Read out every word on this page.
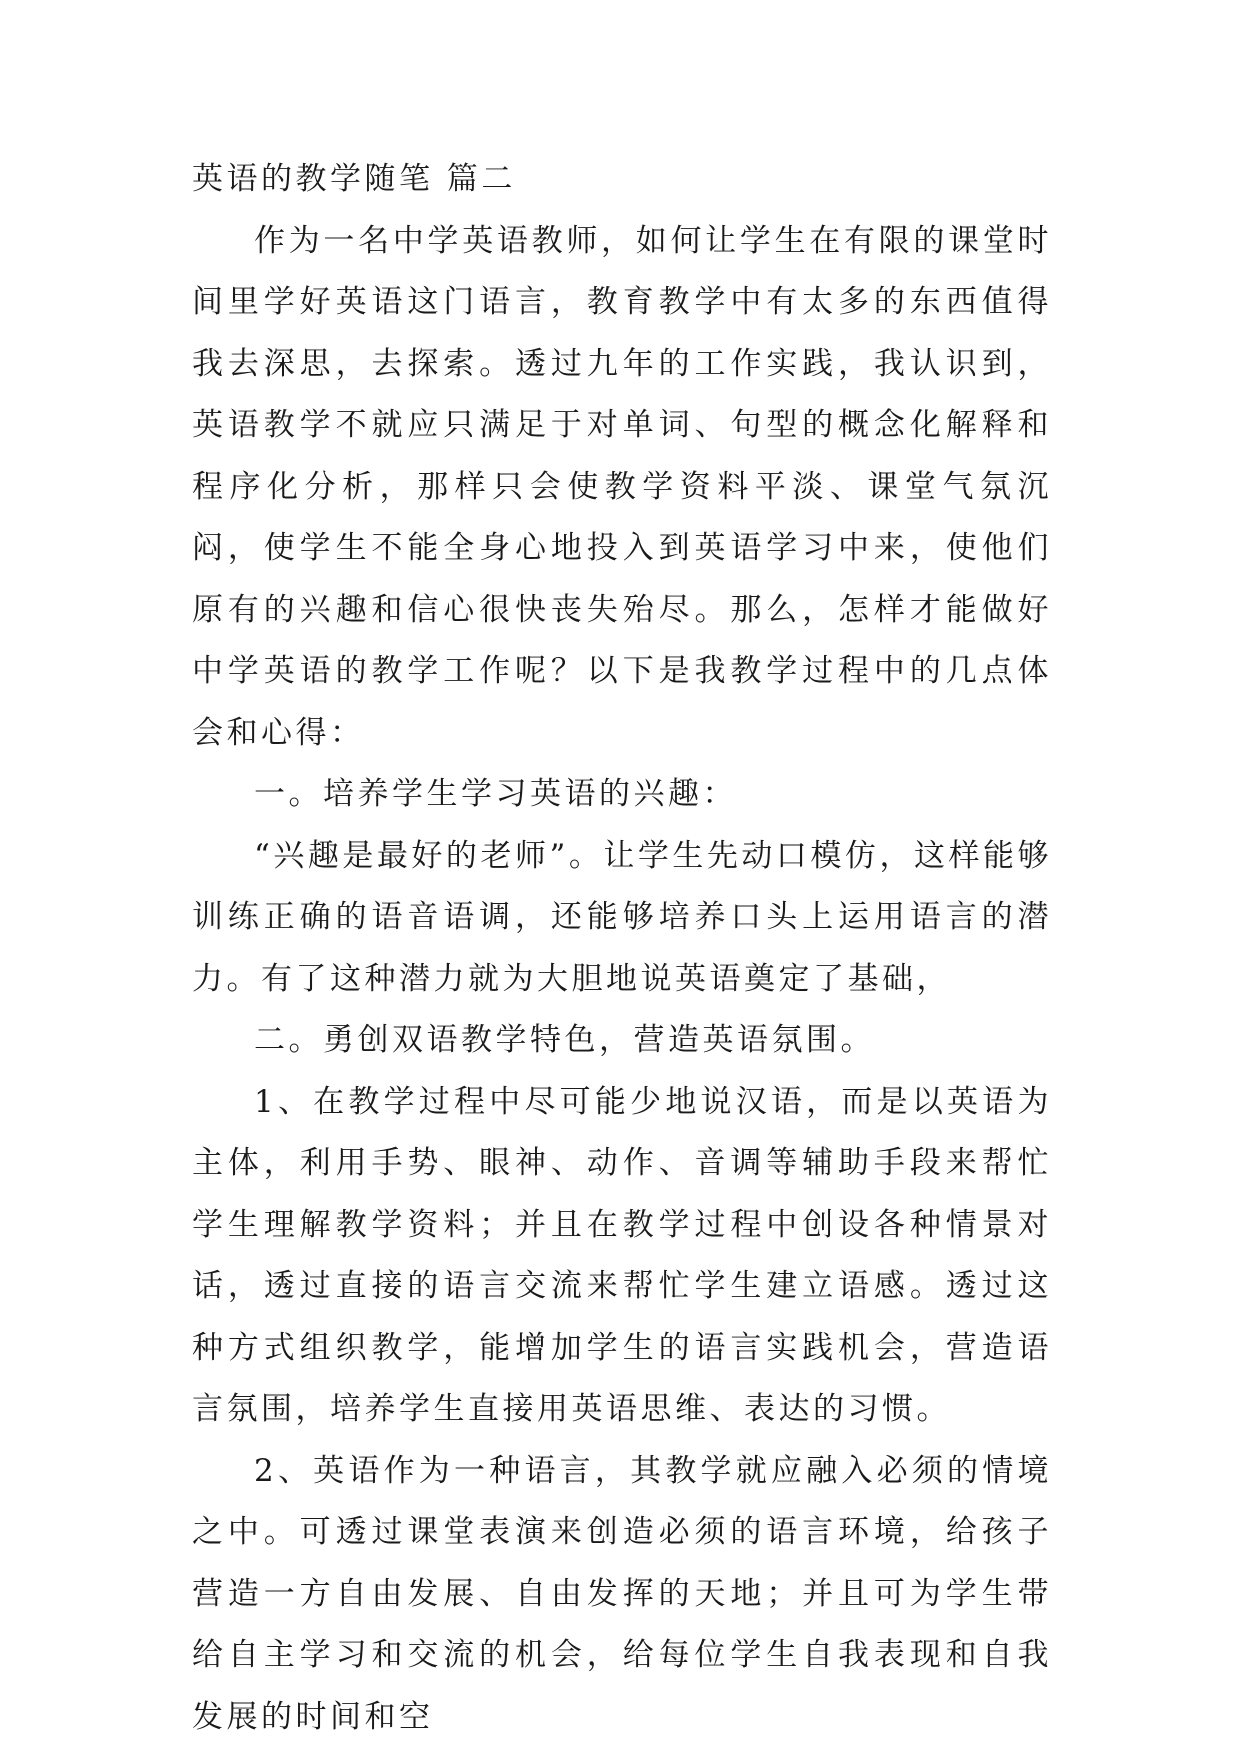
英语的教学随笔 篇二

作为一名中学英语教师，如何让学生在有限的课堂时间里学好英语这门语言，教育教学中有太多的东西值得我去深思，去探索。透过九年的工作实践，我认识到，英语教学不就应只满足于对单词、句型的概念化解释和程序化分析，那样只会使教学资料平淡、课堂气氛沉闷，使学生不能全身心地投入到英语学习中来，使他们原有的兴趣和信心很快丧失殆尽。那么，怎样才能做好中学英语的教学工作呢？以下是我教学过程中的几点体会和心得：

一。培养学生学习英语的兴趣：

“兴趣是最好的老师”。让学生先动口模仿，这样能够训练正确的语音语调，还能够培养口头上运用语言的潜力。有了这种潜力就为大胆地说英语奠定了基础，

二。勇创双语教学特色，营造英语氛围。

1、在教学过程中尽可能少地说汉语，而是以英语为主体，利用手势、眼神、动作、音调等辅助手段来帮忙学生理解教学资料；并且在教学过程中创设各种情景对话，透过直接的语言交流来帮忙学生建立语感。透过这种方式组织教学，能增加学生的语言实践机会，营造语言氛围，培养学生直接用英语思维、表达的习惯。

2、英语作为一种语言，其教学就应融入必须的情境之中。可透过课堂表演来创造必须的语言环境，给孩子营造一方自由发展、自由发挥的天地；并且可为学生带给自主学习和交流的机会，给每位学生自我表现和自我发展的时间和空
